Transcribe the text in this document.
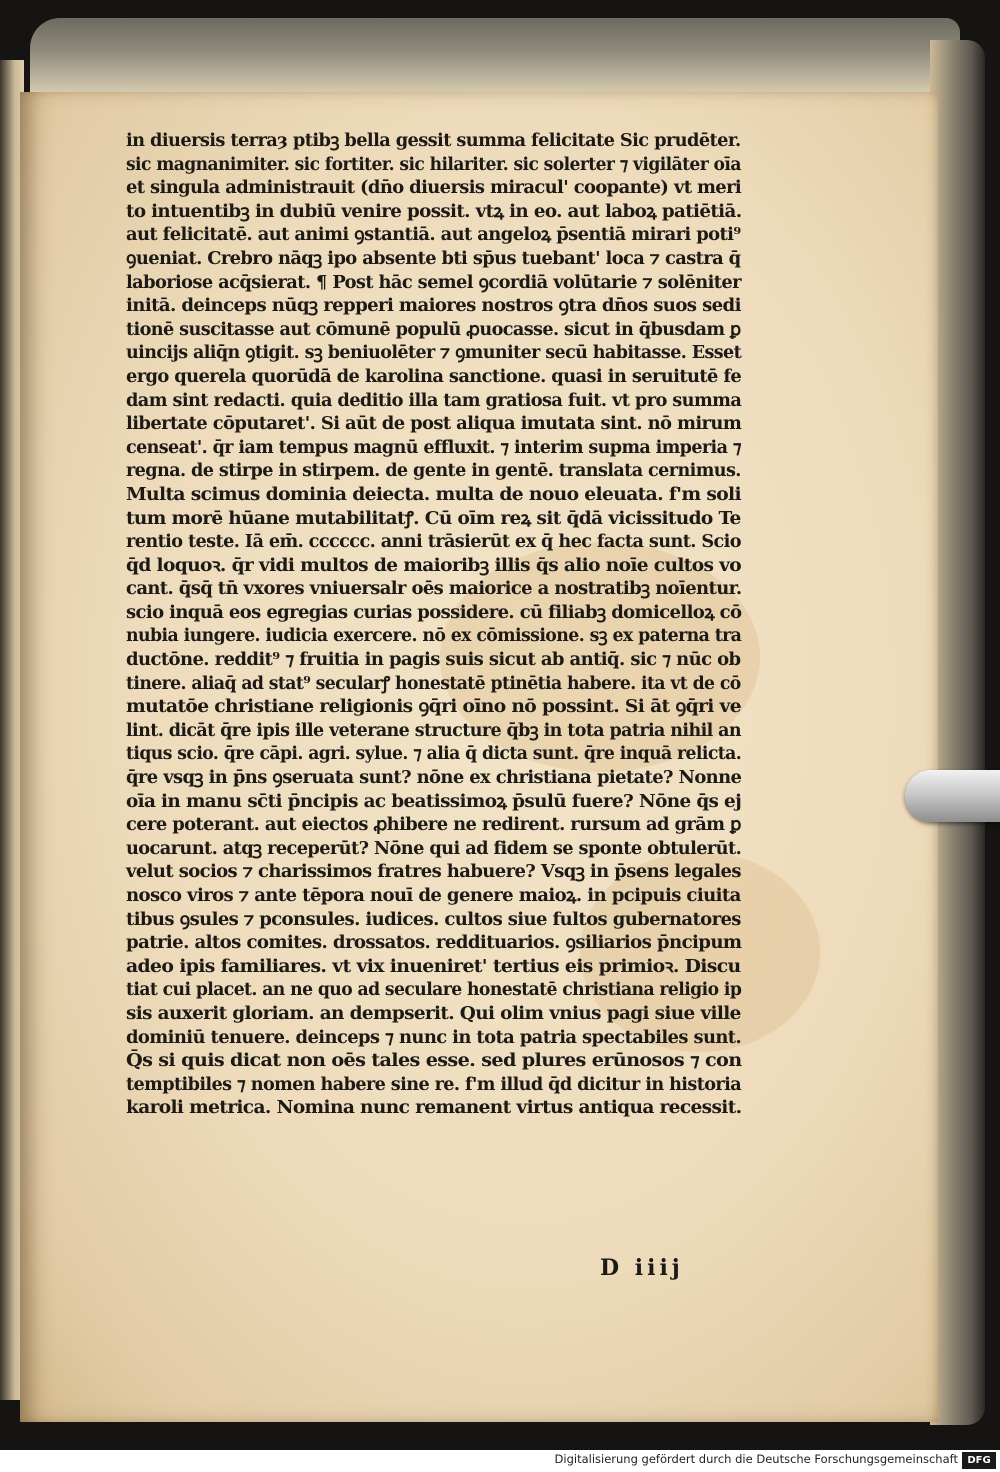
in diuersis terraȝ ptibꝫ bella gessit summa felicitate Sic prudēter.
sic magnanimiter. sic fortiter. sic hilariter. sic solerter ⁊ vigilāter oīa
et singula administrauit (dn̄o diuersis miracul' coopante) vt meri
to intuentibꝫ in dubiū venire possit. vtꝝ in eo. aut laboꝝ patiētiā.
aut felicitatē. aut animi ꝯstantiā. aut angeloꝝ p̄sentiā mirari poti⁹
ꝯueniat. Crebro nāqꝫ ipo absente bti sp̄us tuebant' loca ⁊ castra q̄
laboriose acq̄sierat. ¶ Post hāc semel ꝯcordiā volūtarie ⁊ solēniter
initā. deinceps nūqꝫ repperi maiores nostros ꝯtra dn̄os suos sedi
tionē suscitasse aut cōmunē populū ꝓuocasse. sicut in q̄busdam ꝑ
uincijs aliq̄n ꝯtigit. sꝫ beniuolēter ⁊ ꝯmuniter secū habitasse. Esset
ergo querela quorūdā de karolina sanctione. quasi in seruitutē fe
dam sint redacti. quia deditio illa tam gratiosa fuit. vt pro summa
libertate cōputaret'. Si aūt de post aliqua imutata sint. nō mirum
censeat'. q̄r iam tempus magnū effluxit. ⁊ interim supma imperia ⁊
regna. de stirpe in stirpem. de gente in gentē. translata cernimus.
Multa scimus dominia deiecta. multa de nouo eleuata. f'm soli
tum morē hūane mutabilitatꝭ. Cū oīm reꝝ sit q̄dā vicissitudo Te
rentio teste. Iā em̄. cccccc. anni trāsierūt ex q̄ hec facta sunt. Scio
q̄d loquoꝛ. q̄r vidi multos de maioribꝫ illis q̄s alio noīe cultos vo
cant. q̄sq̄ tn̄ vxores vniuersalr oēs maiorice a nostratibꝫ noīentur.
scio inquā eos egregias curias possidere. cū filiabꝫ domicelloꝝ cō
nubia iungere. iudicia exercere. nō ex cōmissione. sꝫ ex paterna tra
ductōne. reddit⁹ ⁊ fruitia in pagis suis sicut ab antiq̄. sic ⁊ nūc ob
tinere. aliaq̄ ad stat⁹ secularꝭ honestatē ptinētia habere. ita vt de cō
mutatōe christiane religionis ꝯq̄ri oīno nō possint. Si āt ꝯq̄ri ve
lint. dicāt q̄re ipis ille veterane structure q̄bꝫ in tota patria nihil an
tiqus scio. q̄re cāpi. agri. sylue. ⁊ alia q̄ dicta sunt. q̄re inquā relicta.
q̄re vsqꝫ in p̄ns ꝯseruata sunt? nōne ex christiana pietate? Nonne
oīa in manu sc̄ti p̄ncipis ac beatissimoꝝ p̄sulū fuere? Nōne q̄s ej
cere poterant. aut eiectos ꝓhibere ne redirent. rursum ad grām ꝑ
uocarunt. atqꝫ receperūt? Nōne qui ad fidem se sponte obtulerūt.
velut socios ⁊ charissimos fratres habuere? Vsqꝫ in p̄sens legales
nosco viros ⁊ ante tēpora nouī de genere maioꝝ. in pcipuis ciuita
tibus ꝯsules ⁊ pconsules. iudices. cultos siue fultos gubernatores
patrie. altos comites. drossatos. reddituarios. ꝯsiliarios p̄ncipum
adeo ipis familiares. vt vix inueniret' tertius eis primioꝛ. Discu
tiat cui placet. an ne quo ad seculare honestatē christiana religio ip
sis auxerit gloriam. an dempserit. Qui olim vnius pagi siue ville
dominiū tenuere. deinceps ⁊ nunc in tota patria spectabiles sunt.
Q̄s si quis dicat non oēs tales esse. sed plures erūnosos ⁊ con
temptibiles ⁊ nomen habere sine re. f'm illud q̄d dicitur in historia
karoli metrica. Nomina nunc remanent virtus antiqua recessit.
D iiij
Digitalisierung gefördert durch die Deutsche Forschungsgemeinschaft DFG
